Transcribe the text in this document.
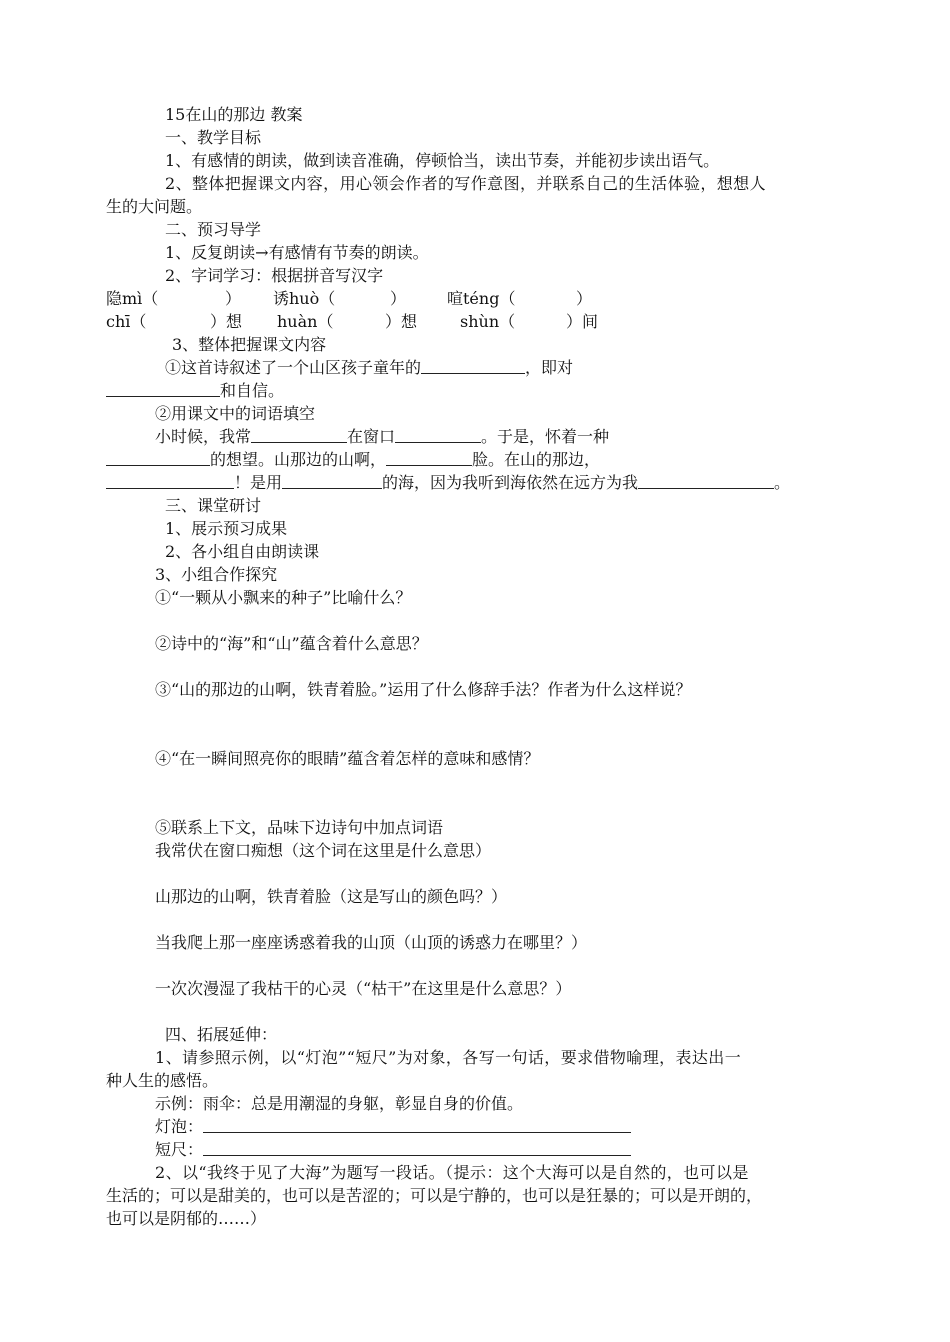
15在山的那边 教案
一、教学目标
1、有感情的朗读，做到读音准确，停顿恰当，读出节奏，并能初步读出语气。
2、整体把握课文内容，用心领会作者的写作意图，并联系自己的生活体验，想想人
生的大问题。
二、预习导学
1、反复朗读→有感情有节奏的朗读。
2、字词学习：根据拼音写汉字
隐mì（	） 诱huò（	）	喧téng（	）
chī（	）想 huàn（	）想	shùn（	）间
3、整体把握课文内容
①这首诗叙述了一个山区孩子童年的	，即对
和自信。
②用课文中的词语填空
小时候，我常	在窗口	。于是，怀着一种
的想望。山那边的山啊，	脸。在山的那边，
！是用	的海，因为我听到海依然在远方为我	。
三、课堂研讨
1、展示预习成果
2、各小组自由朗读课
3、小组合作探究
①“一颗从小飘来的种子”比喻什么？
②诗中的“海”和“山”蕴含着什么意思？
③“山的那边的山啊，铁青着脸。”运用了什么修辞手法？作者为什么这样说？
④“在一瞬间照亮你的眼睛”蕴含着怎样的意味和感情？
⑤联系上下文，品味下边诗句中加点词语
我常伏在窗口痴想（这个词在这里是什么意思）
山那边的山啊，铁青着脸（这是写山的颜色吗？）
当我爬上那一座座诱惑着我的山顶（山顶的诱惑力在哪里？）
一次次漫湿了我枯干的心灵（“枯干”在这里是什么意思？）
四、拓展延伸：
1、请参照示例，以“灯泡”“短尺”为对象，各写一句话，要求借物喻理，表达出一
种人生的感悟。
示例：雨伞：总是用潮湿的身躯，彰显自身的价值。
灯泡：
短尺：
2、以“我终于见了大海”为题写一段话。（提示：这个大海可以是自然的，也可以是
生活的；可以是甜美的，也可以是苦涩的；可以是宁静的，也可以是狂暴的；可以是开朗的，
也可以是阴郁的……）
